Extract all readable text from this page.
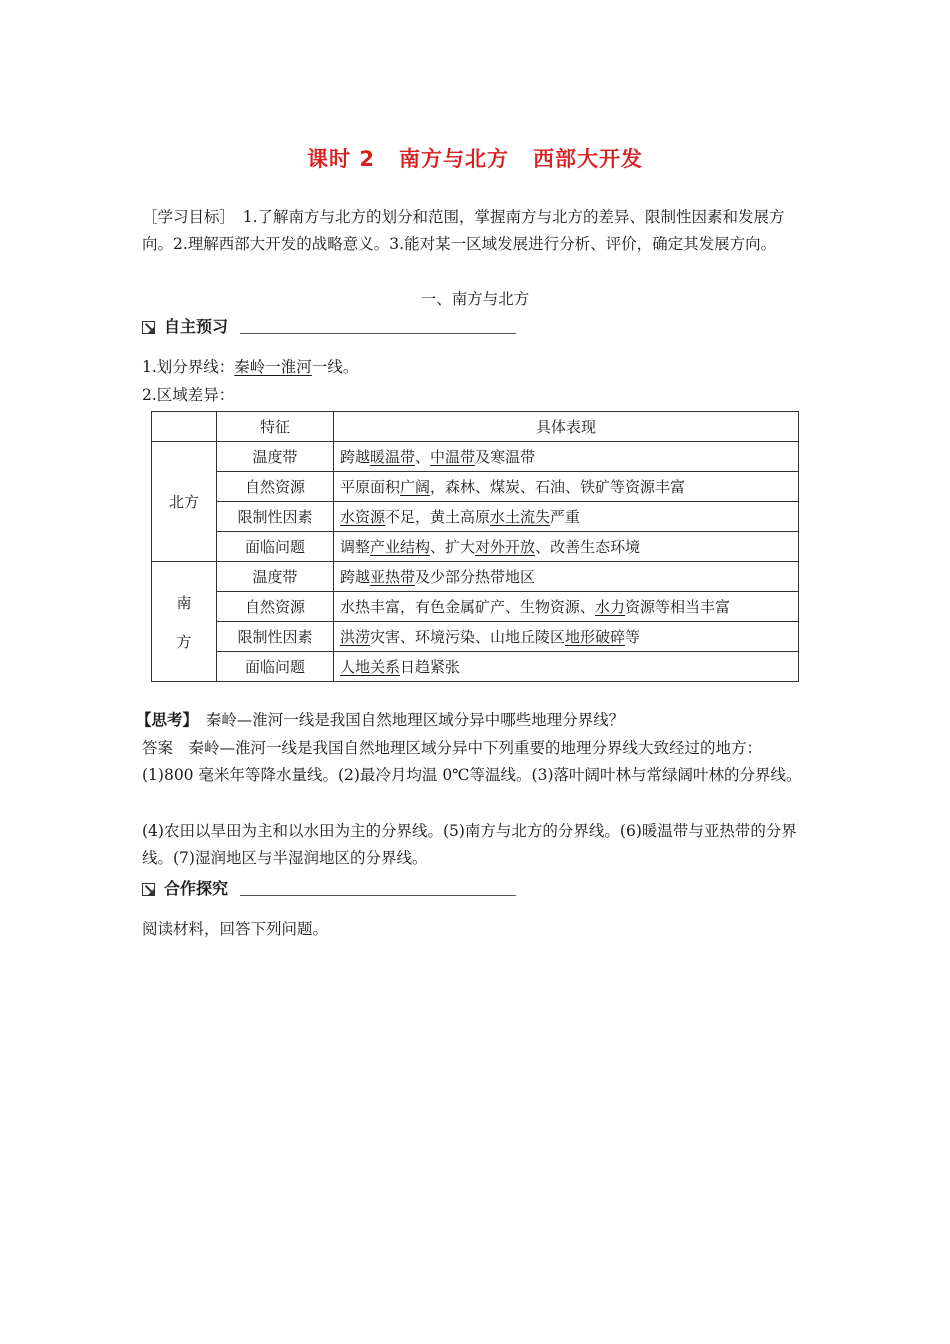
课时 2 南方与北方 西部大开发
［学习目标］　1.了解南方与北方的划分和范围，掌握南方与北方的差异、限制性因素和发展方向。2.理解西部大开发的战略意义。3.能对某一区域发展进行分析、评价，确定其发展方向。
一、南方与北方
自主预习
1.划分界线：秦岭一淮河一线。
2.区域差异：
	特征	具体表现
北方	温度带	跨越暖温带、中温带及寒温带
	自然资源	平原面积广阔，森林、煤炭、石油、铁矿等资源丰富
	限制性因素	水资源不足，黄土高原水土流失严重
	面临问题	调整产业结构、扩大对外开放、改善生态环境
南

方	温度带	跨越亚热带及少部分热带地区
	自然资源	水热丰富，有色金属矿产、生物资源、水力资源等相当丰富
	限制性因素	洪涝灾害、环境污染、山地丘陵区地形破碎等
	面临问题	人地关系日趋紧张
【思考】　秦岭—淮河一线是我国自然地理区域分异中哪些地理分界线？
答案　秦岭—淮河一线是我国自然地理区域分异中下列重要的地理分界线大致经过的地方：(1)800 毫米年等降水量线。(2)最冷月均温 0℃等温线。(3)落叶阔叶林与常绿阔叶林的分界线。
(4)农田以旱田为主和以水田为主的分界线。(5)南方与北方的分界线。(6)暖温带与亚热带的分界线。(7)湿润地区与半湿润地区的分界线。
合作探究
阅读材料，回答下列问题。
